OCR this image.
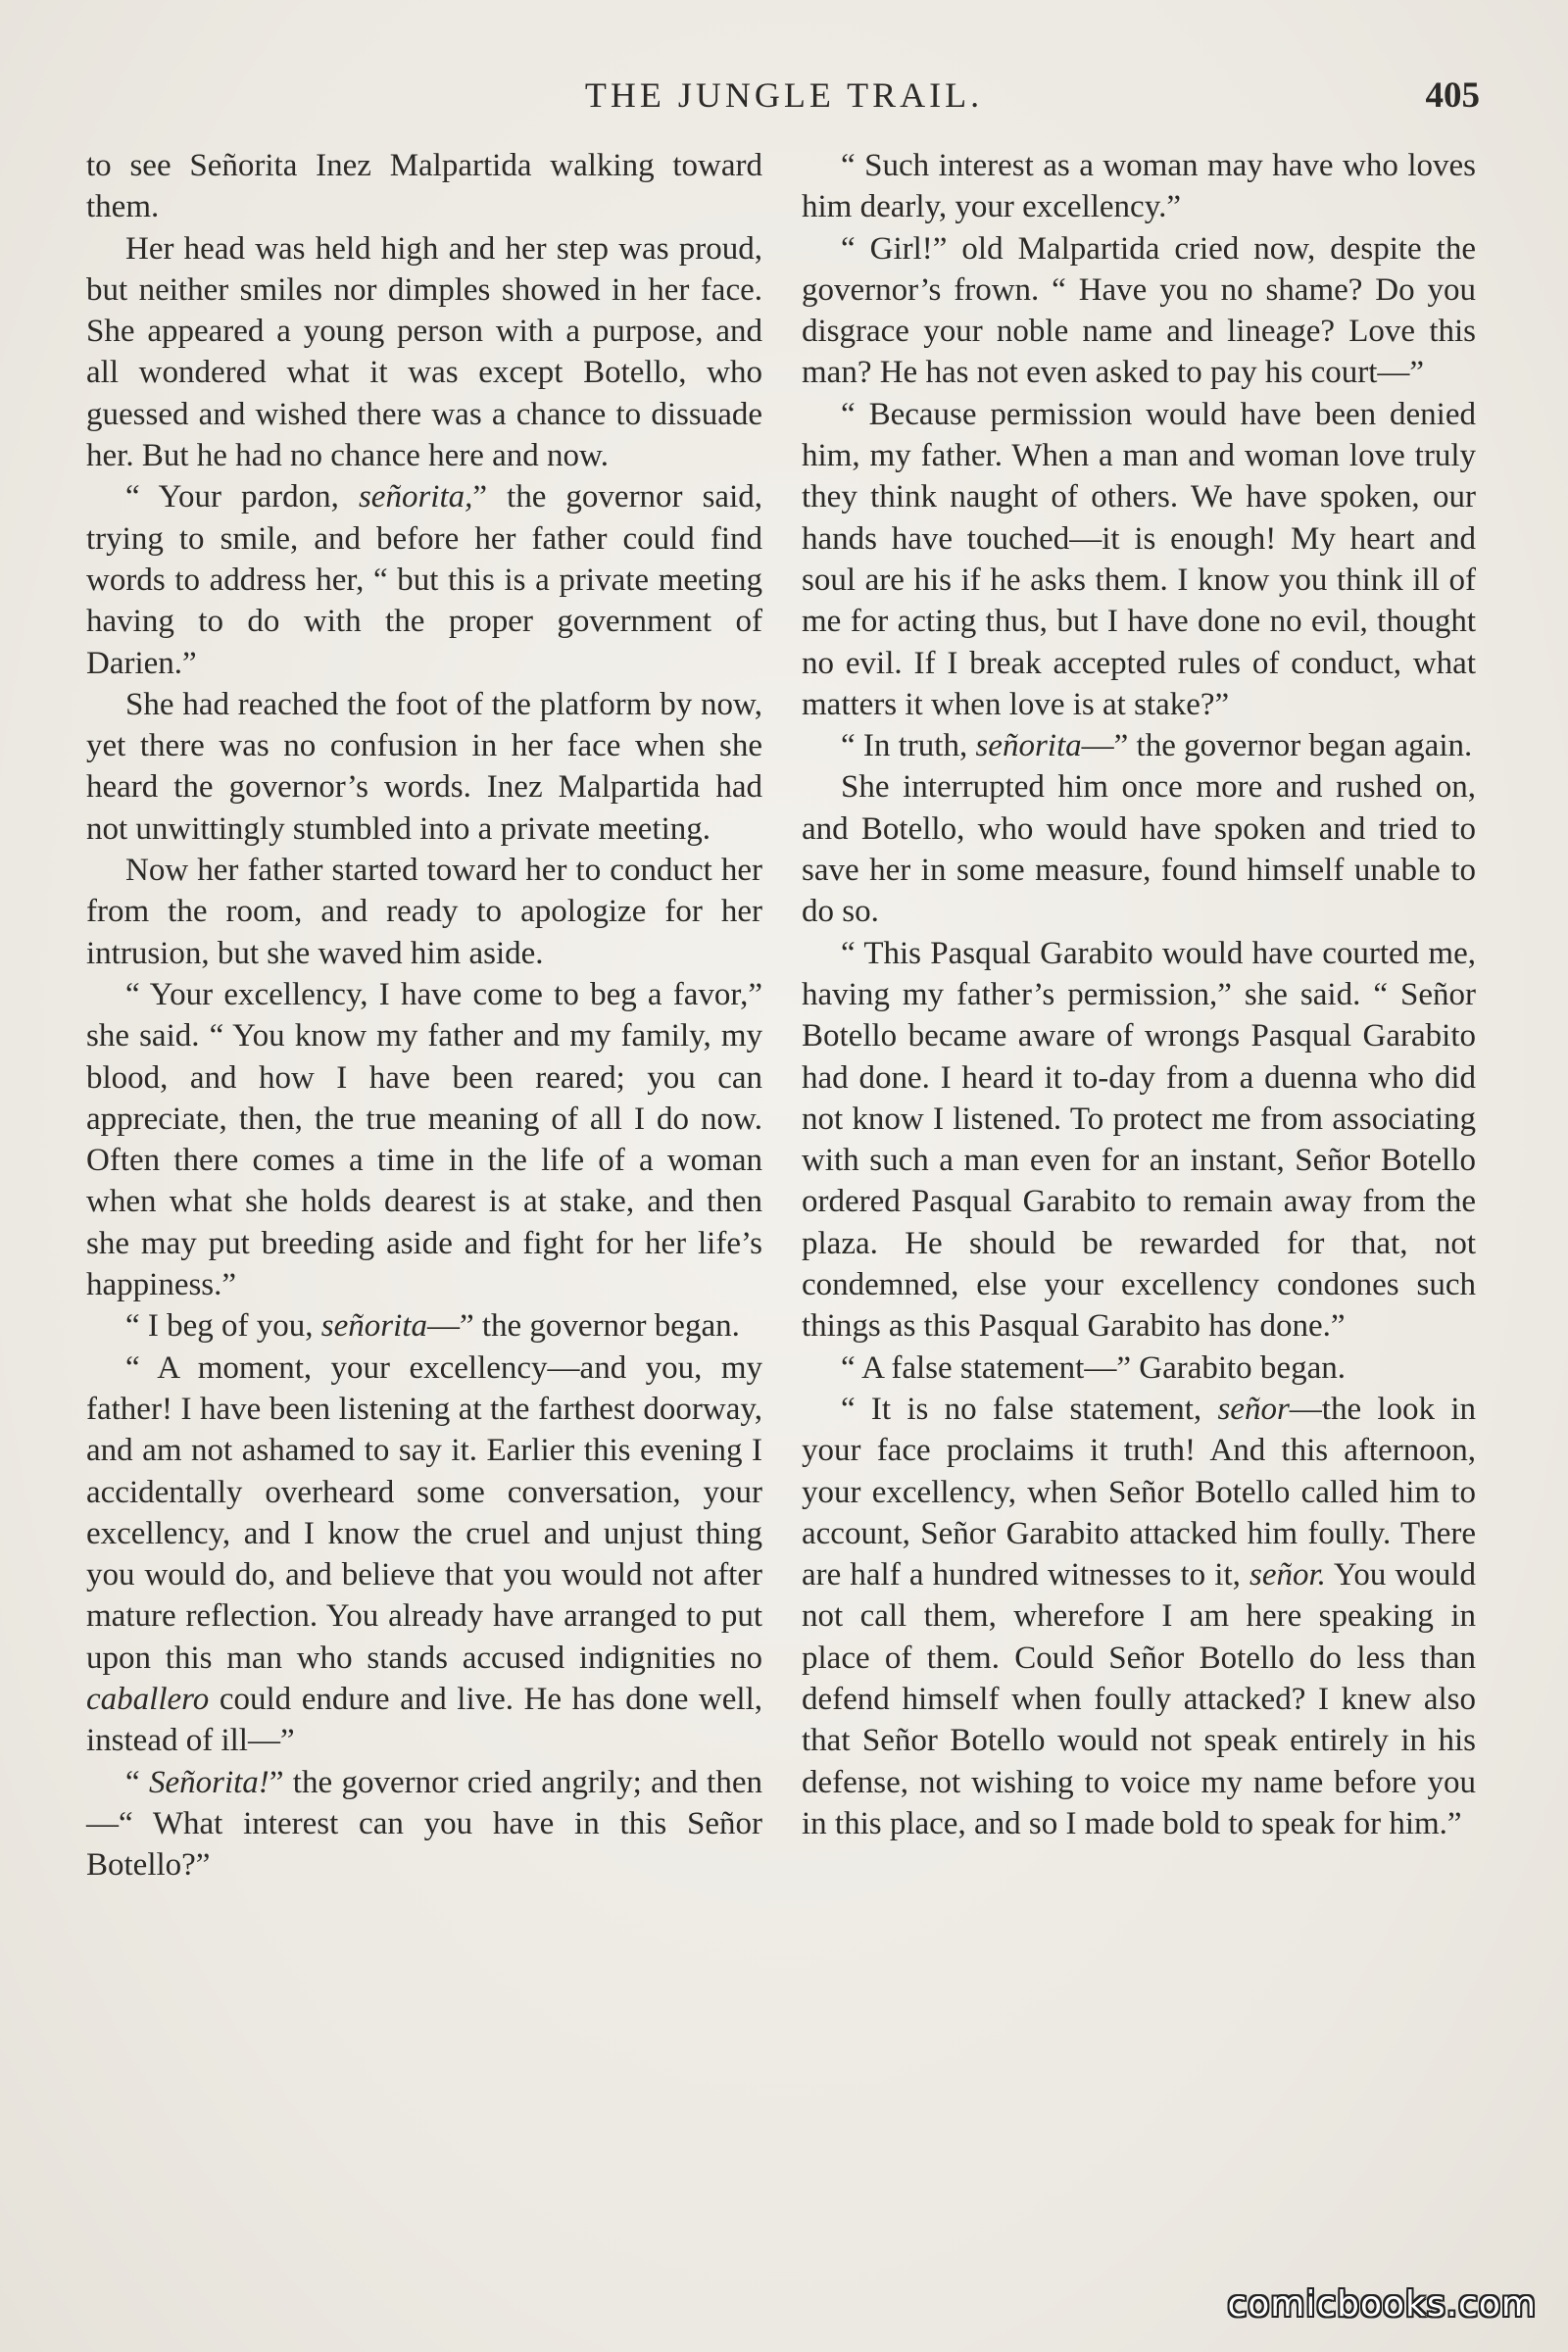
THE JUNGLE TRAIL.	405

to see Señorita Inez Malpartida walking toward them.

Her head was held high and her step was proud, but neither smiles nor dimples showed in her face. She appeared a young person with a purpose, and all wondered what it was except Botello, who guessed and wished there was a chance to dissuade her. But he had no chance here and now.

“ Your pardon, señorita,” the governor said, trying to smile, and before her father could find words to address her, “ but this is a private meeting having to do with the proper government of Darien.”

She had reached the foot of the platform by now, yet there was no confusion in her face when she heard the governor’s words. Inez Malpartida had not unwittingly stumbled into a private meeting.

Now her father started toward her to conduct her from the room, and ready to apologize for her intrusion, but she waved him aside.

“ Your excellency, I have come to beg a favor,” she said. “ You know my father and my family, my blood, and how I have been reared; you can appreciate, then, the true meaning of all I do now. Often there comes a time in the life of a woman when what she holds dearest is at stake, and then she may put breeding aside and fight for her life’s happiness.”

“ I beg of you, señorita—” the governor began.

“ A moment, your excellency—and you, my father! I have been listening at the farthest doorway, and am not ashamed to say it. Earlier this evening I accidentally overheard some conversation, your excellency, and I know the cruel and unjust thing you would do, and believe that you would not after mature reflection. You already have arranged to put upon this man who stands accused indignities no caballero could endure and live. He has done well, instead of ill—”

“ Señorita!” the governor cried angrily; and then—“ What interest can you have in this Señor Botello?”

“ Such interest as a woman may have who loves him dearly, your excellency.”

“ Girl!” old Malpartida cried now, despite the governor’s frown. “ Have you no shame? Do you disgrace your noble name and lineage? Love this man? He has not even asked to pay his court—”

“ Because permission would have been denied him, my father. When a man and woman love truly they think naught of others. We have spoken, our hands have touched—it is enough! My heart and soul are his if he asks them. I know you think ill of me for acting thus, but I have done no evil, thought no evil. If I break accepted rules of conduct, what matters it when love is at stake?”

“ In truth, señorita—” the governor began again.

She interrupted him once more and rushed on, and Botello, who would have spoken and tried to save her in some measure, found himself unable to do so.

“ This Pasqual Garabito would have courted me, having my father’s permission,” she said. “ Señor Botello became aware of wrongs Pasqual Garabito had done. I heard it to-day from a duenna who did not know I listened. To protect me from associating with such a man even for an instant, Señor Botello ordered Pasqual Garabito to remain away from the plaza. He should be rewarded for that, not condemned, else your excellency condones such things as this Pasqual Garabito has done.”

“ A false statement—” Garabito began.

“ It is no false statement, señor—the look in your face proclaims it truth! And this afternoon, your excellency, when Señor Botello called him to account, Señor Garabito attacked him foully. There are half a hundred witnesses to it, señor. You would not call them, wherefore I am here speaking in place of them. Could Señor Botello do less than defend himself when foully attacked? I knew also that Señor Botello would not speak entirely in his defense, not wishing to voice my name before you in this place, and so I made bold to speak for him.”

comicbooks.com
